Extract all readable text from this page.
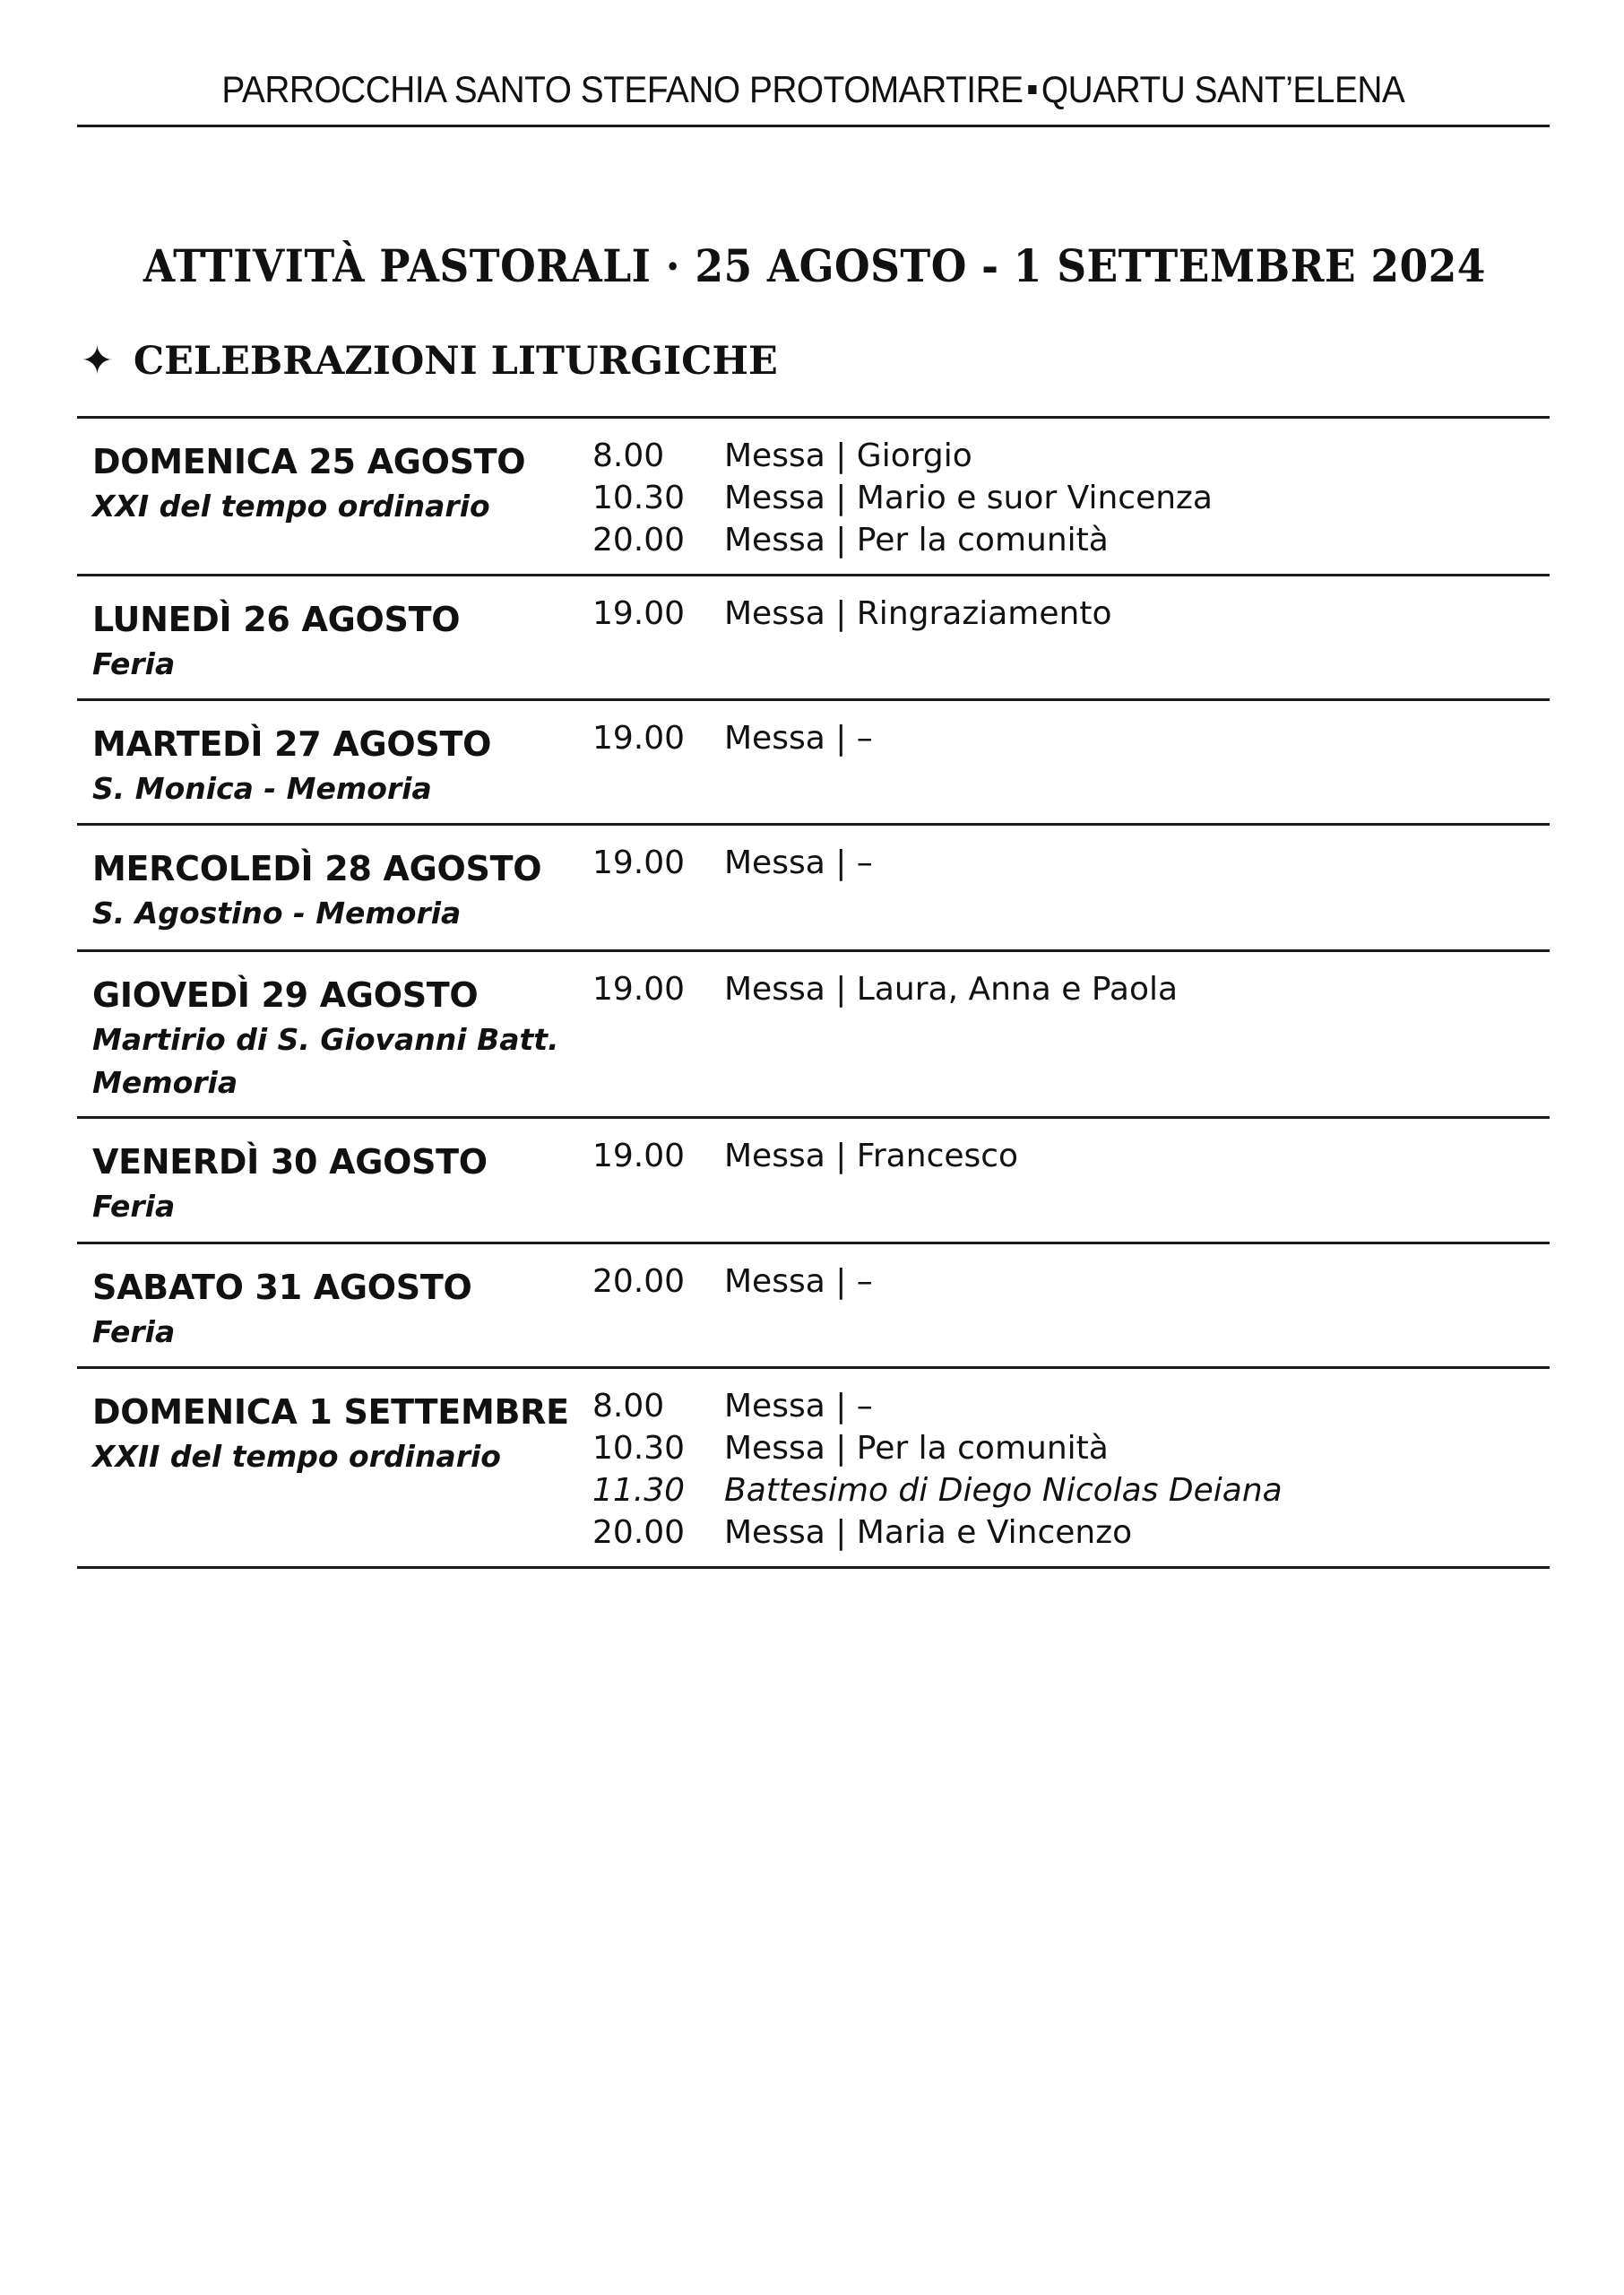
PARROCCHIA SANTO STEFANO PROTOMARTIRE QUARTU SANT’ELENA
ATTIVITÀ PASTORALI · 25 AGOSTO - 1 SETTEMBRE 2024
✦ CELEBRAZIONI LITURGICHE
DOMENICA 25 AGOSTO
XXI del tempo ordinario
8.00	Messa | Giorgio
10.30	Messa | Mario e suor Vincenza
20.00	Messa | Per la comunità
LUNEDÌ 26 AGOSTO
Feria
19.00	Messa | Ringraziamento
MARTEDÌ 27 AGOSTO
S. Monica - Memoria
19.00	Messa | –
MERCOLEDÌ 28 AGOSTO
S. Agostino - Memoria
19.00	Messa | –
GIOVEDÌ 29 AGOSTO
Martirio di S. Giovanni Batt.
Memoria
19.00	Messa | Laura, Anna e Paola
VENERDÌ 30 AGOSTO
Feria
19.00	Messa | Francesco
SABATO 31 AGOSTO
Feria
20.00	Messa | –
DOMENICA 1 SETTEMBRE
XXII del tempo ordinario
8.00	Messa | –
10.30	Messa | Per la comunità
11.30	Battesimo di Diego Nicolas Deiana
20.00	Messa | Maria e Vincenzo
